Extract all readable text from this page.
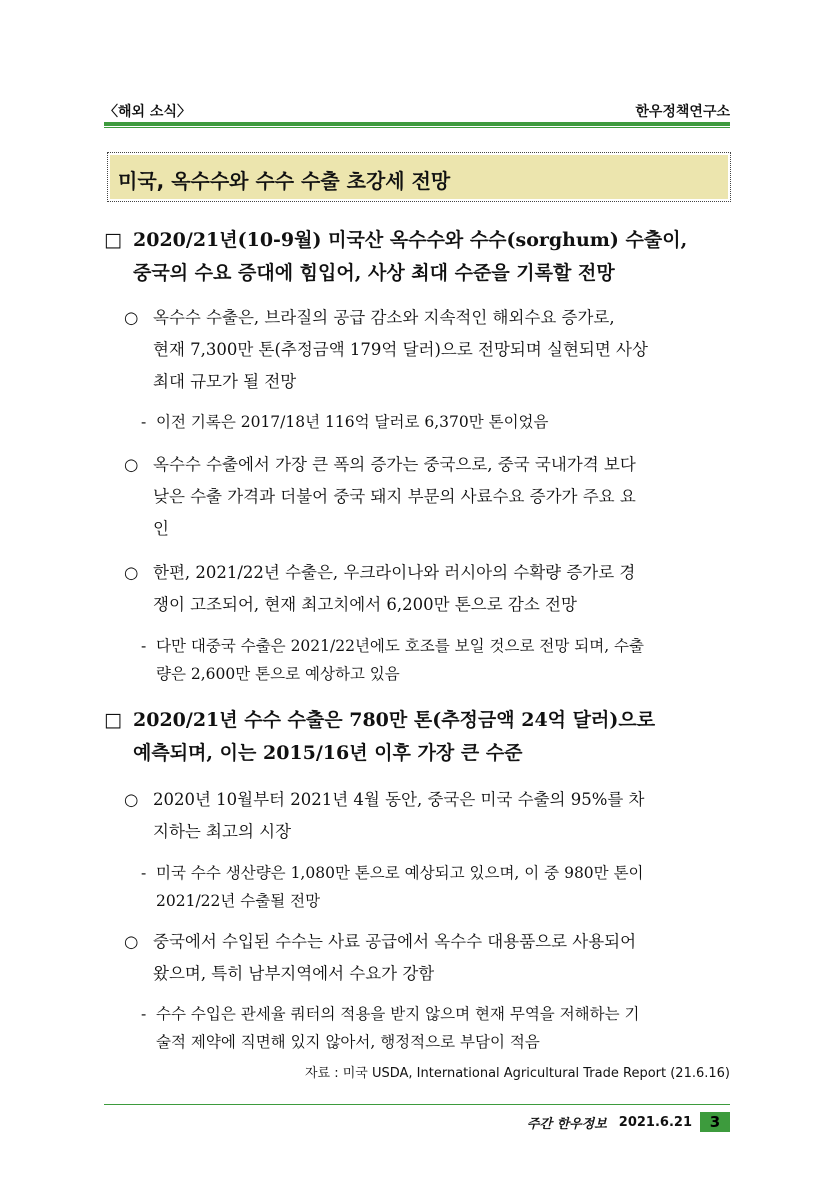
〈해외 소식〉	한우정책연구소
미국, 옥수수와 수수 수출 초강세 전망
□ 2020/21년(10-9월) 미국산 옥수수와 수수(sorghum) 수출이,
중국의 수요 증대에 힘입어, 사상 최대 수준을 기록할 전망
○ 옥수수 수출은, 브라질의 공급 감소와 지속적인 해외수요 증가로,
현재 7,300만 톤(추정금액 179억 달러)으로 전망되며 실현되면 사상
최대 규모가 될 전망
- 이전 기록은 2017/18년 116억 달러로 6,370만 톤이었음
○ 옥수수 수출에서 가장 큰 폭의 증가는 중국으로, 중국 국내가격 보다
낮은 수출 가격과 더불어 중국 돼지 부문의 사료수요 증가가 주요 요
인
○ 한편, 2021/22년 수출은, 우크라이나와 러시아의 수확량 증가로 경
쟁이 고조되어, 현재 최고치에서 6,200만 톤으로 감소 전망
- 다만 대중국 수출은 2021/22년에도 호조를 보일 것으로 전망 되며, 수출
량은 2,600만 톤으로 예상하고 있음
□ 2020/21년 수수 수출은 780만 톤(추정금액 24억 달러)으로
예측되며, 이는 2015/16년 이후 가장 큰 수준
○ 2020년 10월부터 2021년 4월 동안, 중국은 미국 수출의 95%를 차
지하는 최고의 시장
- 미국 수수 생산량은 1,080만 톤으로 예상되고 있으며, 이 중 980만 톤이
2021/22년 수출될 전망
○ 중국에서 수입된 수수는 사료 공급에서 옥수수 대용품으로 사용되어
왔으며, 특히 남부지역에서 수요가 강함
- 수수 수입은 관세율 쿼터의 적용을 받지 않으며 현재 무역을 저해하는 기
술적 제약에 직면해 있지 않아서, 행정적으로 부담이 적음
자료 : 미국 USDA, International Agricultural Trade Report (21.6.16)
주간 한우정보 2021.6.21	3
